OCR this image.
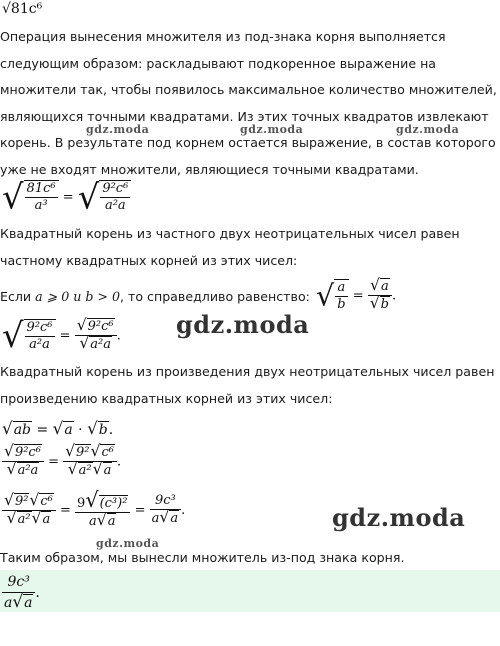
√81c⁶
Операция вынесения множителя из под-знака корня выполняется следующим образом: раскладывают подкоренное выражение на множители так, чтобы появилось максимальное количество множителей, являющихся точными квадратами. Из этих точных квадратов извлекают корень. В результате под корнем остается выражение, в состав которого уже не входят множители, являющиеся точными квадратами.
√ $\frac{\text{81c⁶}}{\text{a³}}$ = √ $\frac{\text{9²c⁶}}{\text{a²a}}$
Квадратный корень из частного двух неотрицательных чисел равен частному квадратных корней из этих чисел:
Если a ⩾ 0 и b > 0, то справедливо равенство: √ $\frac{a}{b} = \frac{√a}{√b}$ .
√ $\frac{\text{9²c⁶}}{\text{a²a}} = \frac{\text{√9²c⁶}}{\text{√a²a}}$ .
Квадратный корень из произведения двух неотрицательных чисел равен произведению квадратных корней из этих чисел:
√ab = √a · √b.
$\frac{\text{√9²c⁶}}{\text{√a²a}} = \frac{\text{√9²√c⁶}}{\text{√a²√a}}$ .
$\frac{\text{√9²√c⁶}}{\text{√a²√a}} = \frac{\text{9√(c³)²}}{a√a} = \frac{\text{9c³}}{a√a}$ .
Таким образом, мы вынесли множитель из-под знака корня.
$\frac{\text{9c³}}{a√a}$ .
gdz.moda	gdz.moda	gdz.moda
gdz.moda
gdz.moda
gdz.moda
